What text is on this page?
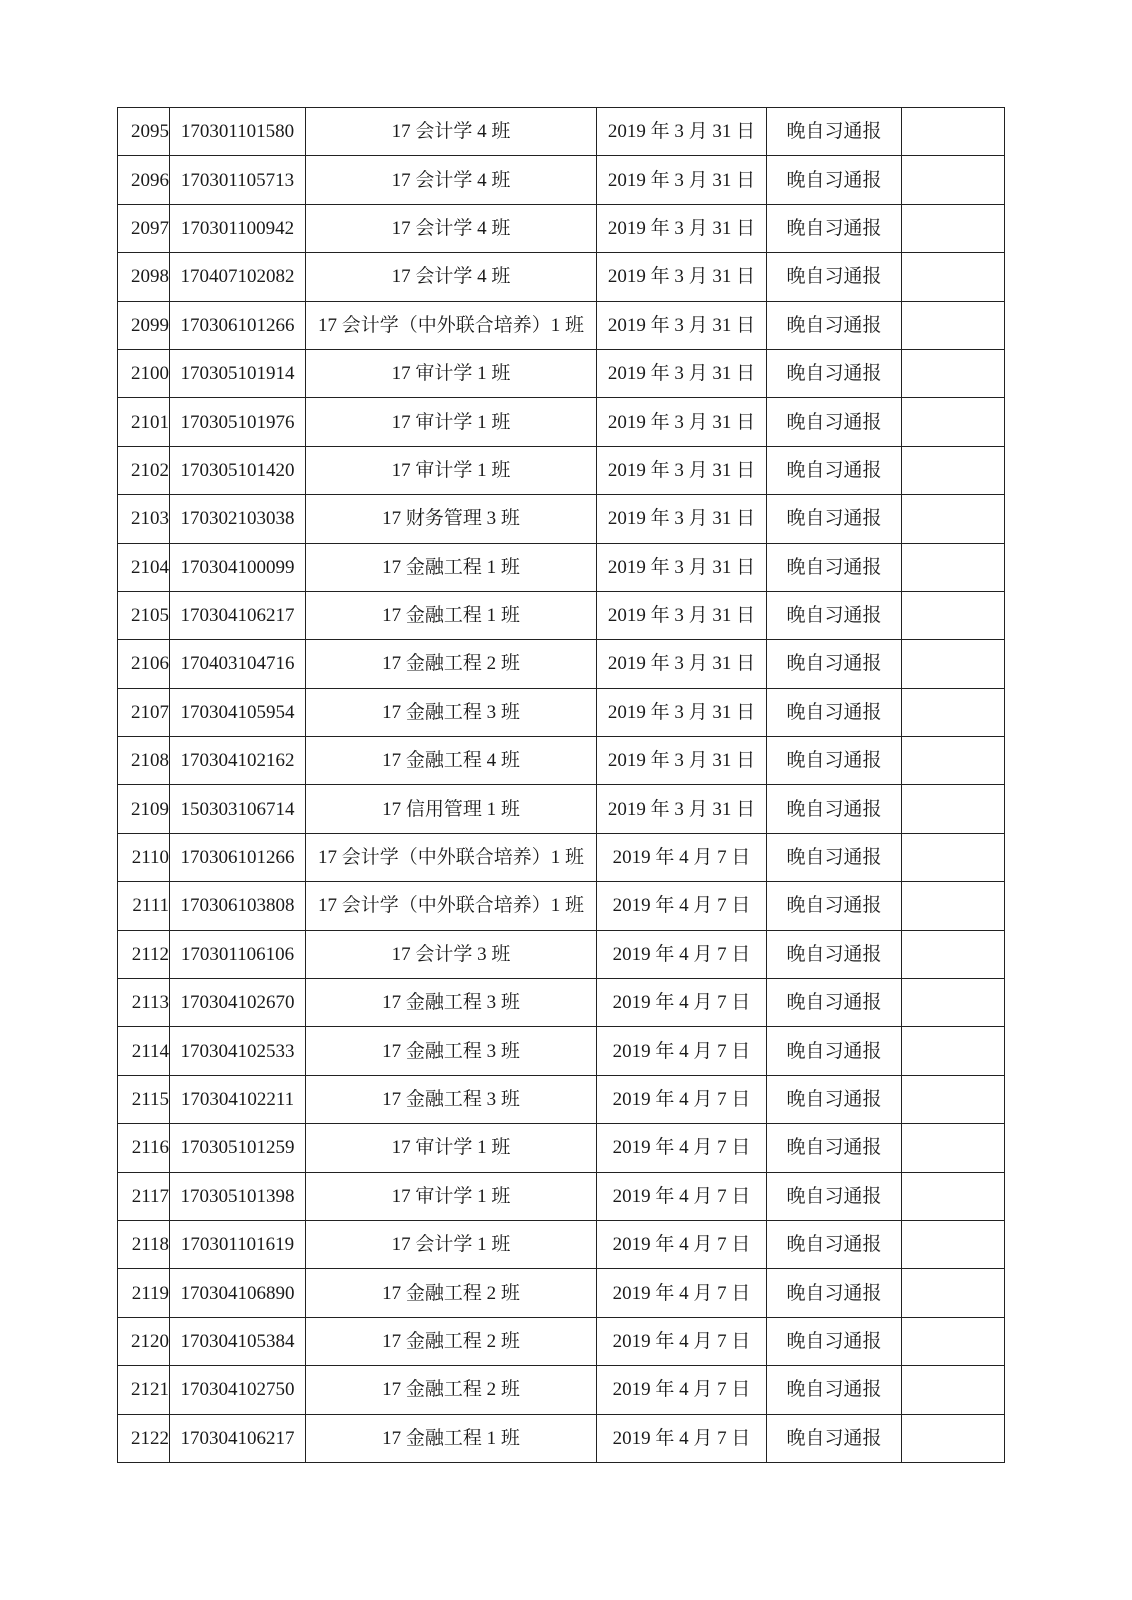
2095	170301101580	17 会计学 4 班	2019 年 3 月 31 日	晚自习通报	
2096	170301105713	17 会计学 4 班	2019 年 3 月 31 日	晚自习通报	
2097	170301100942	17 会计学 4 班	2019 年 3 月 31 日	晚自习通报	
2098	170407102082	17 会计学 4 班	2019 年 3 月 31 日	晚自习通报	
2099	170306101266	17 会计学（中外联合培养）1 班	2019 年 3 月 31 日	晚自习通报	
2100	170305101914	17 审计学 1 班	2019 年 3 月 31 日	晚自习通报	
2101	170305101976	17 审计学 1 班	2019 年 3 月 31 日	晚自习通报	
2102	170305101420	17 审计学 1 班	2019 年 3 月 31 日	晚自习通报	
2103	170302103038	17 财务管理 3 班	2019 年 3 月 31 日	晚自习通报	
2104	170304100099	17 金融工程 1 班	2019 年 3 月 31 日	晚自习通报	
2105	170304106217	17 金融工程 1 班	2019 年 3 月 31 日	晚自习通报	
2106	170403104716	17 金融工程 2 班	2019 年 3 月 31 日	晚自习通报	
2107	170304105954	17 金融工程 3 班	2019 年 3 月 31 日	晚自习通报	
2108	170304102162	17 金融工程 4 班	2019 年 3 月 31 日	晚自习通报	
2109	150303106714	17 信用管理 1 班	2019 年 3 月 31 日	晚自习通报	
2110	170306101266	17 会计学（中外联合培养）1 班	2019 年 4 月 7 日	晚自习通报	
2111	170306103808	17 会计学（中外联合培养）1 班	2019 年 4 月 7 日	晚自习通报	
2112	170301106106	17 会计学 3 班	2019 年 4 月 7 日	晚自习通报	
2113	170304102670	17 金融工程 3 班	2019 年 4 月 7 日	晚自习通报	
2114	170304102533	17 金融工程 3 班	2019 年 4 月 7 日	晚自习通报	
2115	170304102211	17 金融工程 3 班	2019 年 4 月 7 日	晚自习通报	
2116	170305101259	17 审计学 1 班	2019 年 4 月 7 日	晚自习通报	
2117	170305101398	17 审计学 1 班	2019 年 4 月 7 日	晚自习通报	
2118	170301101619	17 会计学 1 班	2019 年 4 月 7 日	晚自习通报	
2119	170304106890	17 金融工程 2 班	2019 年 4 月 7 日	晚自习通报	
2120	170304105384	17 金融工程 2 班	2019 年 4 月 7 日	晚自习通报	
2121	170304102750	17 金融工程 2 班	2019 年 4 月 7 日	晚自习通报	
2122	170304106217	17 金融工程 1 班	2019 年 4 月 7 日	晚自习通报	
